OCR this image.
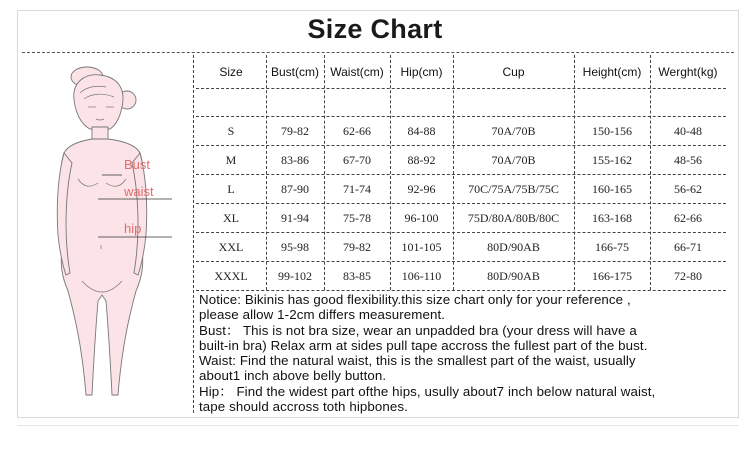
Size Chart
Bust
waist
hip
Size	Bust(cm)	Waist(cm)	Hip(cm)	Cup	Height(cm)	Werght(kg)

S	79-82	62-66	84-88	70A/70B	150-156	40-48
M	83-86	67-70	88-92	70A/70B	155-162	48-56
L	87-90	71-74	92-96	70C/75A/75B/75C	160-165	56-62
XL	91-94	75-78	96-100	75D/80A/80B/80C	163-168	62-66
XXL	95-98	79-82	101-105	80D/90AB	166-75	66-71
XXXL	99-102	83-85	106-110	80D/90AB	166-175	72-80
Notice: Bikinis has good flexibility.this size chart only for your reference ,
please allow 1-2cm differs measurement.
Bust： This is not bra size, wear an unpadded bra (your dress will have a
built-in bra) Relax arm at sides pull tape accross the fullest part of the bust.
Waist: Find the natural waist, this is the smallest part of the waist, usually
about1 inch above belly button.
Hip： Find the widest part ofthe hips, usully about7 inch below natural waist,
tape should accross toth hipbones.
